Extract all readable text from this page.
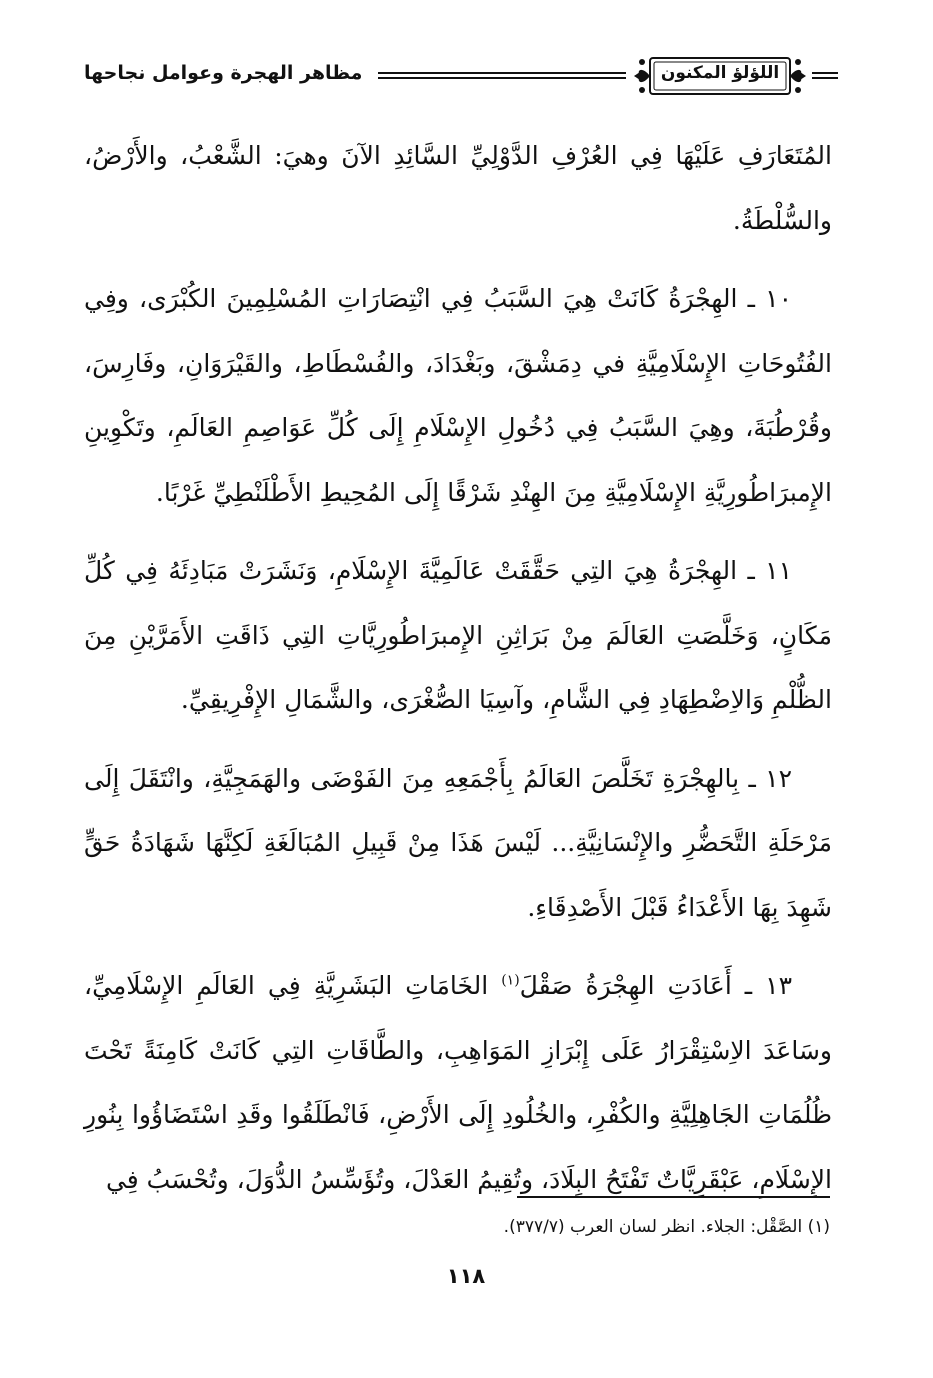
مظاهر الهجرة وعوامل نجاحها	اللؤلؤ المكنون

المُتَعَارَفِ عَلَيْهَا فِي العُرْفِ الدَّوْلِيِّ السَّائِدِ الآنَ وهيَ: الشَّعْبُ، والأَرْضُ، والسُّلْطَةُ.

١٠ ـ الهِجْرَةُ كَانَتْ هِيَ السَّبَبُ فِي انْتِصَارَاتِ المُسْلِمِينَ الكُبْرَى، وفِي الفُتُوحَاتِ الإِسْلَامِيَّةِ في دِمَشْقَ، وبَغْدَادَ، والفُسْطَاطِ، والقَيْرَوَانِ، وفَارِسَ، وقُرْطُبَةَ، وهِيَ السَّبَبُ فِي دُخُولِ الإِسْلَامِ إِلَى كُلِّ عَوَاصِمِ العَالَمِ، وتَكْوِينِ الإِمبرَاطُورِيَّةِ الإِسْلَامِيَّةِ مِنَ الهِنْدِ شَرْقًا إِلَى المُحِيطِ الأَطْلَنْطِيِّ غَرْبًا.

١١ ـ الهِجْرَةُ هِيَ التِي حَقَّقَتْ عَالَمِيَّةَ الإِسْلَامِ، وَنَشَرَتْ مَبَادِئَهُ فِي كُلِّ مَكَانٍ، وَخَلَّصَتِ العَالَمَ مِنْ بَرَاثِنِ الإِمبرَاطُورِيَّاتِ التِي ذَاقَتِ الأَمَرَّيْنِ مِنَ الظُّلْمِ وَالاِضْطِهَادِ فِي الشَّامِ، وآسِيَا الصُّغْرَى، والشَّمَالِ الإِفْرِيقِيِّ.

١٢ ـ بِالهِجْرَةِ تَخَلَّصَ العَالَمُ بِأَجْمَعِهِ مِنَ الفَوْضَى والهَمَجِيَّةِ، وانْتَقَلَ إِلَى مَرْحَلَةِ التَّحَضُّرِ والإِنْسَانِيَّةِ... لَيْسَ هَذَا مِنْ قَبِيلِ المُبَالَغَةِ لَكِنَّهَا شَهَادَةُ حَقٍّ شَهِدَ بِهَا الأَعْدَاءُ قَبْلَ الأَصْدِقَاءِ.

١٣ ـ أَعَادَتِ الهِجْرَةُ صَقْلَ$^{(١)}$ الخَامَاتِ البَشَرِيَّةِ فِي العَالَمِ الإِسْلَامِيِّ، وسَاعَدَ الاِسْتِقْرَارُ عَلَى إِبْرَازِ المَوَاهِبِ، والطَّاقَاتِ التِي كَانَتْ كَامِنَةً تَحْتَ ظُلُمَاتِ الجَاهِلِيَّةِ والكُفْرِ، والخُلُودِ إِلَى الأَرْضِ، فَانْطَلَقُوا وقَدِ اسْتَضَاؤُوا بِنُورِ الإِسْلَامِ، عَبْقَرِيَّاتٌ تَفْتَحُ البِلَادَ، وتُقِيمُ العَدْلَ، وتُؤَسِّسُ الدُّوَلَ، وتُحْسَبُ فِي

(١) الصَّقْل: الجلاء. انظر لسان العرب (٣٧٧/٧).
١١٨
